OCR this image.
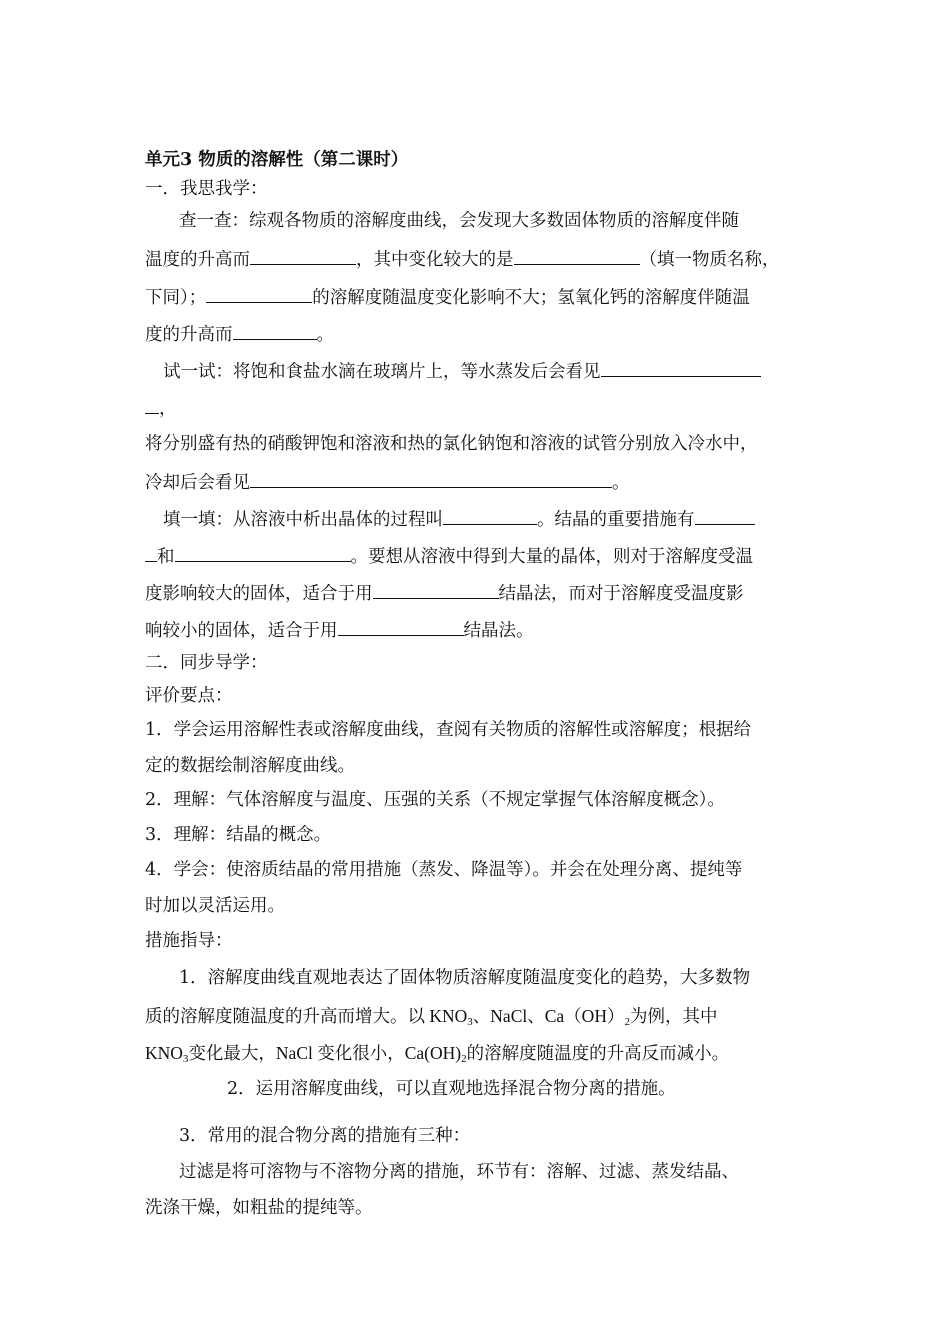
单元3 物质的溶解性（第二课时）
一．我思我学：
查一查：综观各物质的溶解度曲线，会发现大多数固体物质的溶解度伴随
温度的升高而	，其中变化较大的是	（填一物质名称，
下同）；	的溶解度随温度变化影响不大；氢氧化钙的溶解度伴随温
度的升高而	。
试一试：将饱和食盐水滴在玻璃片上，等水蒸发后会看见
，
将分别盛有热的硝酸钾饱和溶液和热的氯化钠饱和溶液的试管分别放入冷水中，
冷却后会看见	。
填一填：从溶液中析出晶体的过程叫	。结晶的重要措施有
和	。要想从溶液中得到大量的晶体，则对于溶解度受温
度影响较大的固体，适合于用	结晶法，而对于溶解度受温度影
响较小的固体，适合于用	结晶法。
二．同步导学：
评价要点：
1．学会运用溶解性表或溶解度曲线，查阅有关物质的溶解性或溶解度；根据给
定的数据绘制溶解度曲线。
2．理解：气体溶解度与温度、压强的关系（不规定掌握气体溶解度概念）。
3．理解：结晶的概念。
4．学会：使溶质结晶的常用措施（蒸发、降温等）。并会在处理分离、提纯等
时加以灵活运用。
措施指导：
1．溶解度曲线直观地表达了固体物质溶解度随温度变化的趋势，大多数物
质的溶解度随温度的升高而增大。以 $KNO_3$、NaCl、$Ca(OH)_2$为例，其中
$KNO_3$变化最大，NaCl 变化很小，$Ca(OH)_2$的溶解度随温度的升高反而减小。
2．运用溶解度曲线，可以直观地选择混合物分离的措施。
3．常用的混合物分离的措施有三种：
过滤是将可溶物与不溶物分离的措施，环节有：溶解、过滤、蒸发结晶、
洗涤干燥，如粗盐的提纯等。
